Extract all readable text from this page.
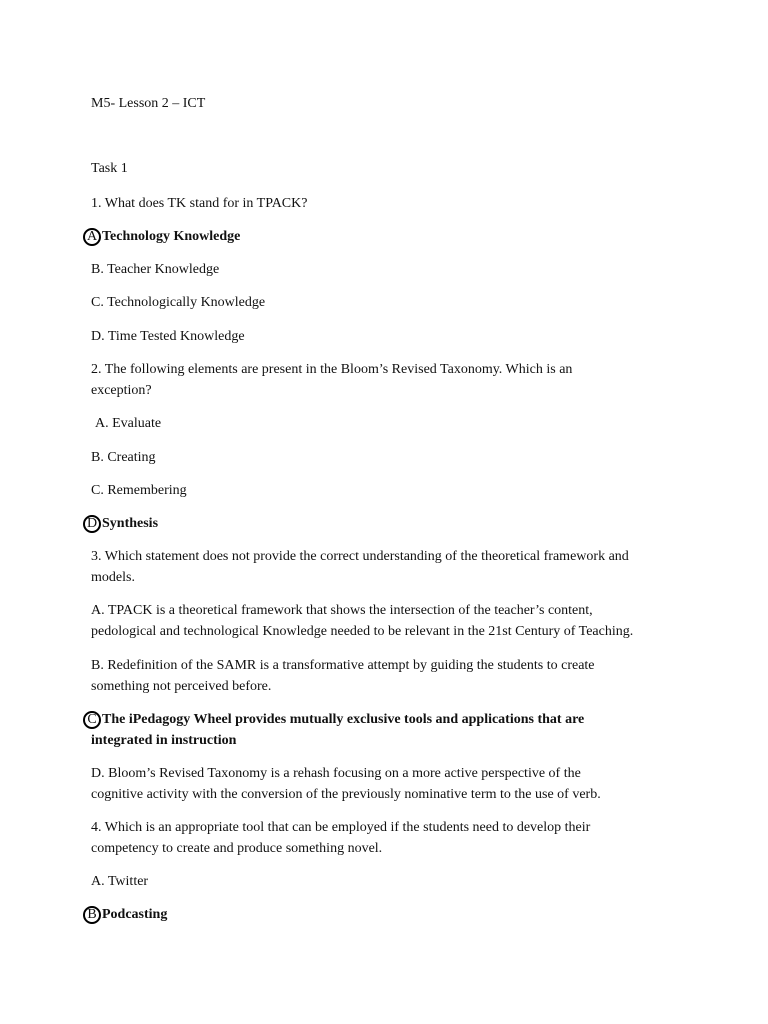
M5- Lesson 2 – ICT
Task 1
1. What does TK stand for in TPACK?
A Technology Knowledge
B. Teacher Knowledge
C. Technologically Knowledge
D. Time Tested Knowledge
2. The following elements are present in the Bloom’s Revised Taxonomy. Which is an
exception?
A. Evaluate
B. Creating
C. Remembering
D Synthesis
3. Which statement does not provide the correct understanding of the theoretical framework and
models.
A. TPACK is a theoretical framework that shows the intersection of the teacher’s content,
pedological and technological Knowledge needed to be relevant in the 21st Century of Teaching.
B. Redefinition of the SAMR is a transformative attempt by guiding the students to create
something not perceived before.
C The iPedagogy Wheel provides mutually exclusive tools and applications that are
integrated in instruction
D. Bloom’s Revised Taxonomy is a rehash focusing on a more active perspective of the
cognitive activity with the conversion of the previously nominative term to the use of verb.
4. Which is an appropriate tool that can be employed if the students need to develop their
competency to create and produce something novel.
A. Twitter
B Podcasting
